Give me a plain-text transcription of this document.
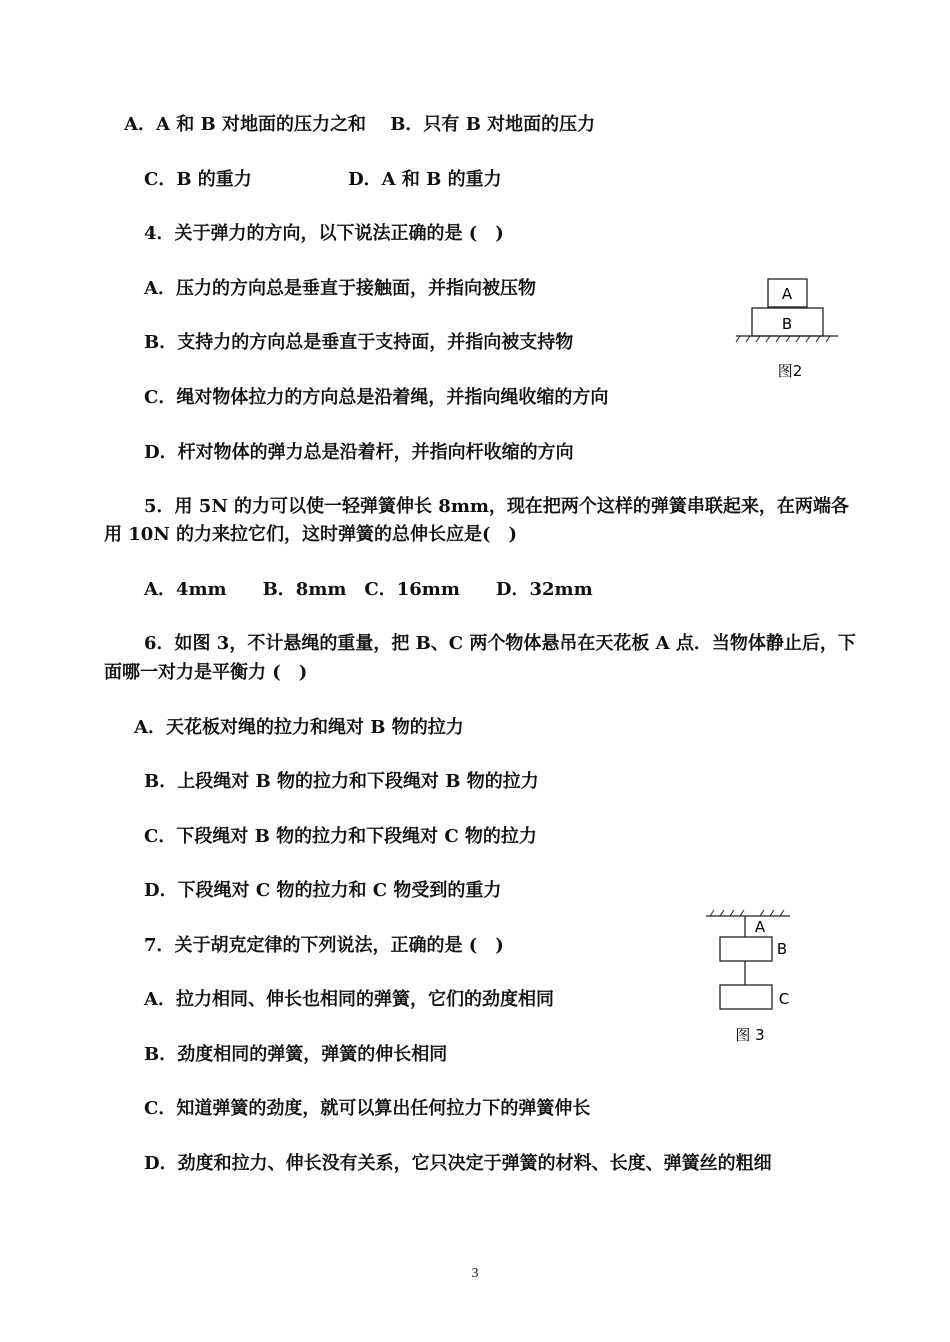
A．A 和 B 对地面的压力之和　 B．只有 B 对地面的压力
C．B 的重力　　　　　 D．A 和 B 的重力
4．关于弹力的方向，以下说法正确的是 (　)
A．压力的方向总是垂直于接触面，并指向被压物
B．支持力的方向总是垂直于支持面，并指向被支持物
C．绳对物体拉力的方向总是沿着绳，并指向绳收缩的方向
D．杆对物体的弹力总是沿着杆，并指向杆收缩的方向
5．用 5N 的力可以使一轻弹簧伸长 8mm，现在把两个这样的弹簧串联起来，在两端各
用 10N 的力来拉它们，这时弹簧的总伸长应是(　)
A．4mm　　B．8mm　C．16mm　　D．32mm
6．如图 3，不计悬绳的重量，把 B、C 两个物体悬吊在天花板 A 点．当物体静止后，下
面哪一对力是平衡力 (　)
A．天花板对绳的拉力和绳对 B 物的拉力
B．上段绳对 B 物的拉力和下段绳对 B 物的拉力
C．下段绳对 B 物的拉力和下段绳对 C 物的拉力
D．下段绳对 C 物的拉力和 C 物受到的重力
7．关于胡克定律的下列说法，正确的是 (　)
A．拉力相同、伸长也相同的弹簧，它们的劲度相同
B．劲度相同的弹簧，弹簧的伸长相同
C．知道弹簧的劲度，就可以算出任何拉力下的弹簧伸长
D．劲度和拉力、伸长没有关系，它只决定于弹簧的材料、长度、弹簧丝的粗细
A
B
图2
A
B
C
图 3
3
